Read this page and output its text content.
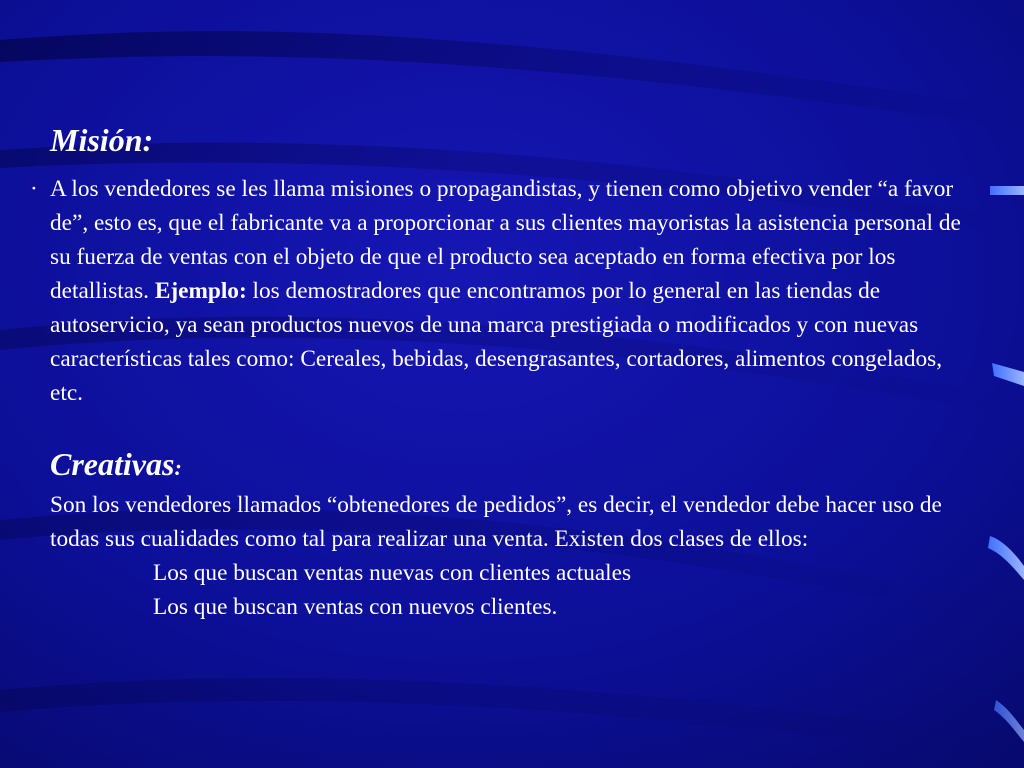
Misión:
· A los vendedores se les llama misiones o propagandistas, y tienen como objetivo vender “a favor de”, esto es, que el fabricante va a proporcionar a sus clientes mayoristas la asistencia personal de su fuerza de ventas con el objeto de que el producto sea aceptado en forma efectiva por los detallistas. Ejemplo: los demostradores que encontramos por lo general en las tiendas de autoservicio, ya sean productos nuevos de una marca prestigiada o modificados y con nuevas características tales como: Cereales, bebidas, desengrasantes, cortadores, alimentos congelados, etc.
Creativas:
Son los vendedores llamados “obtenedores de pedidos”, es decir, el vendedor debe hacer uso de todas sus cualidades como tal para realizar una venta. Existen dos clases de ellos:
Los que buscan ventas nuevas con clientes actuales
Los que buscan ventas con nuevos clientes.
